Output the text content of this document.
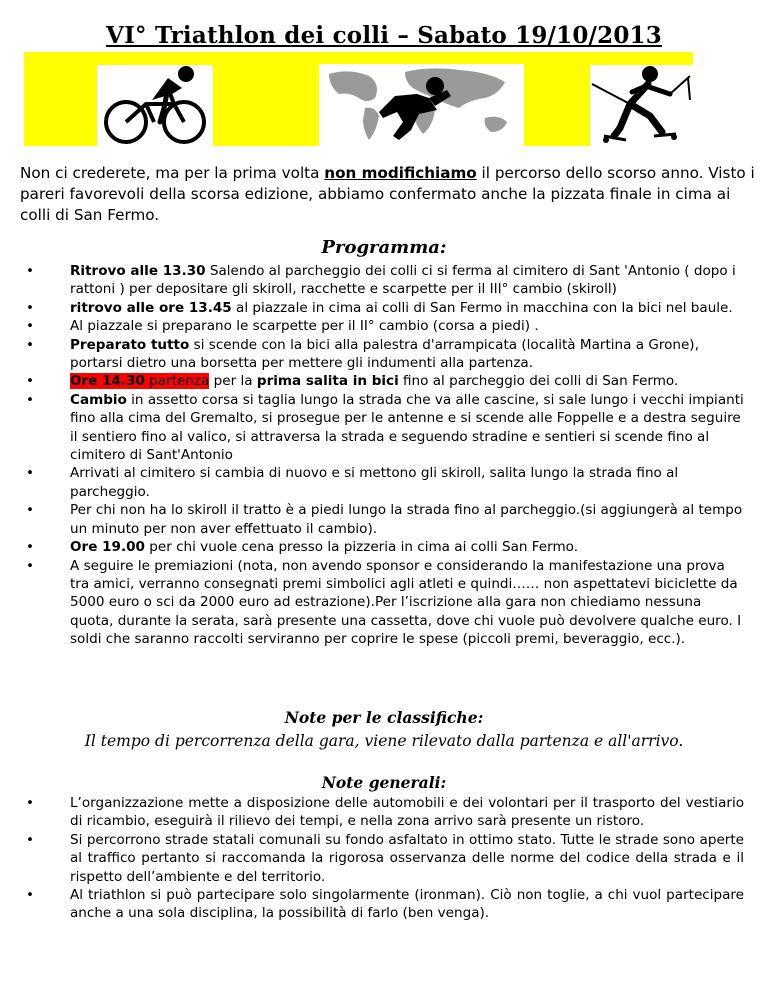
VI° Triathlon dei colli – Sabato 19/10/2013
Non ci crederete, ma per la prima volta non modifichiamo il percorso dello scorso anno. Visto i pareri favorevoli della scorsa edizione, abbiamo confermato anche la pizzata finale in cima ai colli di San Fermo.
Programma:
• Ritrovo alle 13.30 Salendo al parcheggio dei colli ci si ferma al cimitero di Sant 'Antonio ( dopo i rattoni ) per depositare gli skiroll, racchette e scarpette per il III° cambio (skiroll)
• ritrovo alle ore 13.45 al piazzale in cima ai colli di San Fermo in macchina con la bici nel baule.
• Al piazzale si preparano le scarpette per il II° cambio (corsa a piedi) .
• Preparato tutto si scende con la bici alla palestra d'arrampicata (località Martina a Grone), portarsi dietro una borsetta per mettere gli indumenti alla partenza.
• Ore 14.30 partenza per la prima salita in bici fino al parcheggio dei colli di San Fermo.
• Cambio in assetto corsa si taglia lungo la strada che va alle cascine, si sale lungo i vecchi impianti fino alla cima del Gremalto, si prosegue per le antenne e si scende alle Foppelle e a destra seguire il sentiero fino al valico, si attraversa la strada e seguendo stradine e sentieri si scende fino al cimitero di Sant'Antonio
• Arrivati al cimitero si cambia di nuovo e si mettono gli skiroll, salita lungo la strada fino al parcheggio.
• Per chi non ha lo skiroll il tratto è a piedi lungo la strada fino al parcheggio.(si aggiungerà al tempo un minuto per non aver effettuato il cambio).
• Ore 19.00 per chi vuole cena presso la pizzeria in cima ai colli San Fermo.
• A seguire le premiazioni (nota, non avendo sponsor e considerando la manifestazione una prova tra amici, verranno consegnati premi simbolici agli atleti e quindi…… non aspettatevi biciclette da 5000 euro o sci da 2000 euro ad estrazione).Per l’iscrizione alla gara non chiediamo nessuna quota, durante la serata, sarà presente una cassetta, dove chi vuole può devolvere qualche euro. I soldi che saranno raccolti serviranno per coprire le spese (piccoli premi, beveraggio, ecc.).
Note per le classifiche:
Il tempo di percorrenza della gara, viene rilevato dalla partenza e all'arrivo.
Note generali:
• L’organizzazione mette a disposizione delle automobili e dei volontari per il trasporto del vestiario di ricambio, eseguirà il rilievo dei tempi, e nella zona arrivo sarà presente un ristoro.
• Si percorrono strade statali comunali su fondo asfaltato in ottimo stato. Tutte le strade sono aperte al traffico pertanto si raccomanda la rigorosa osservanza delle norme del codice della strada e il rispetto dell’ambiente e del territorio.
• Al triathlon si può partecipare solo singolarmente (ironman). Ciò non toglie, a chi vuol partecipare anche a una sola disciplina, la possibilità di farlo (ben venga).
